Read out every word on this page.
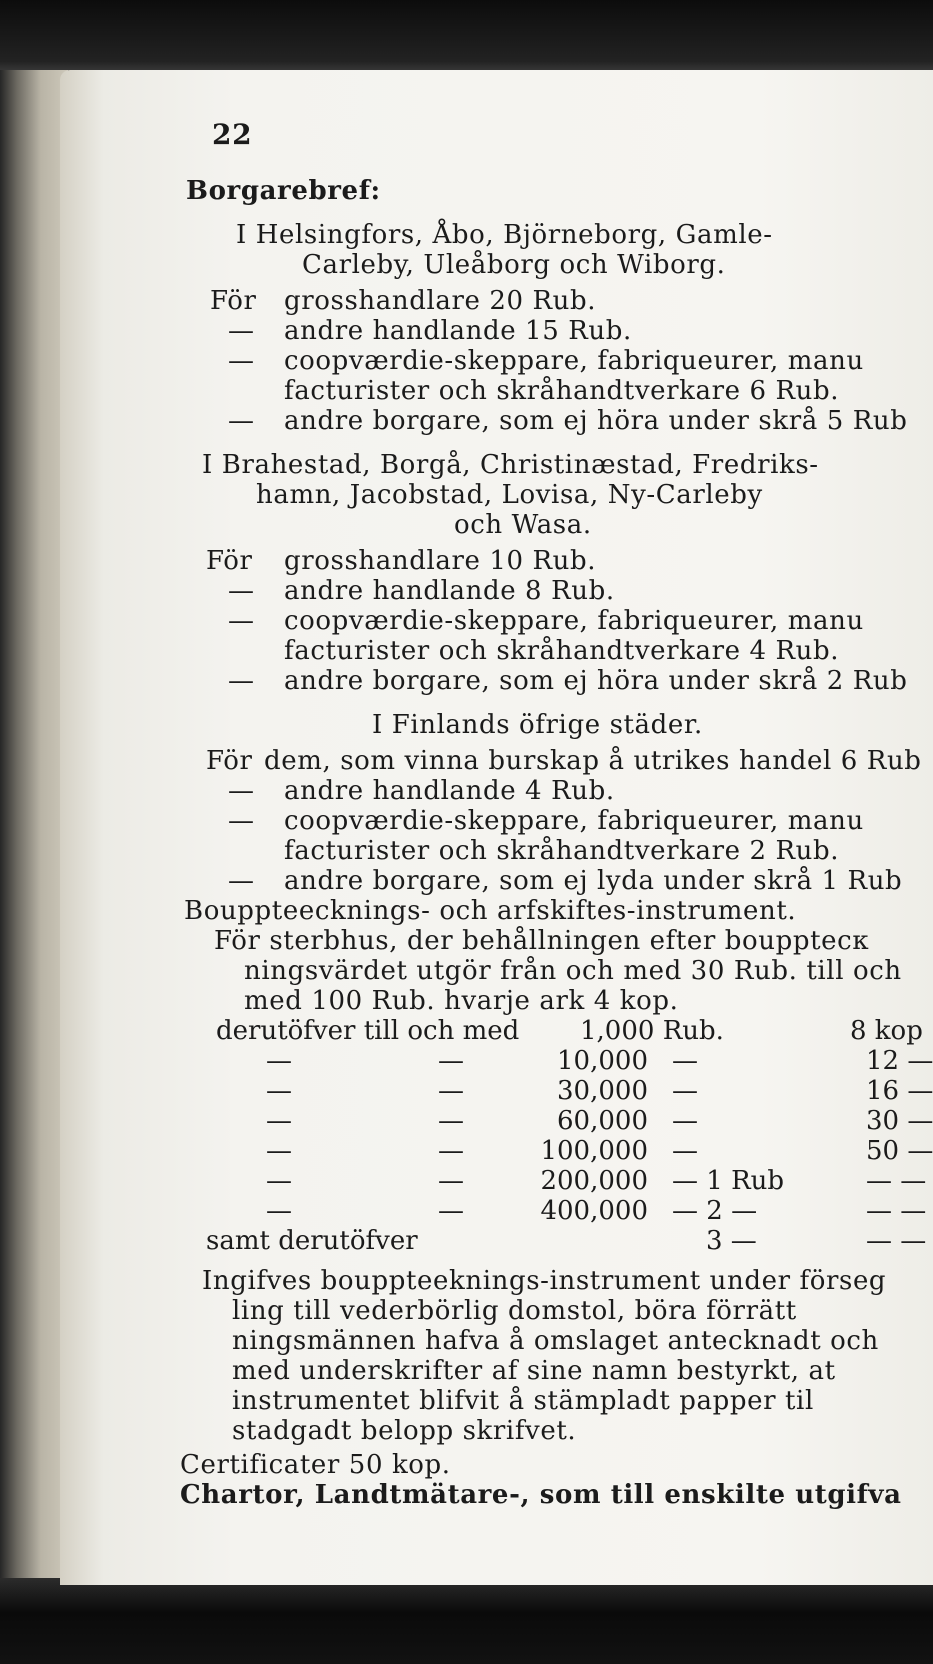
22
Borgarebref:
I Helsingfors, Åbo, Björneborg, Gamle-
Carleby, Uleåborg och Wiborg.
För grosshandlare 20 Rub.
— andre handlande 15 Rub.
— coopværdie-skeppare, fabriqueurer, manu
facturister och skråhandtverkare 6 Rub.
— andre borgare, som ej höra under skrå 5 Rub
I Brahestad, Borgå, Christinæstad, Fredriks-
hamn, Jacobstad, Lovisa, Ny-Carleby
och Wasa.
För grosshandlare 10 Rub.
— andre handlande 8 Rub.
— coopværdie-skeppare, fabriqueurer, manu
facturister och skråhandtverkare 4 Rub.
— andre borgare, som ej höra under skrå 2 Rub
I Finlands öfrige städer.
För dem, som vinna burskap å utrikes handel 6 Rub
— andre handlande 4 Rub.
— coopværdie-skeppare, fabriqueurer, manu
facturister och skråhandtverkare 2 Rub.
— andre borgare, som ej lyda under skrå 1 Rub
Bouppteecknings- och arfskiftes-instrument.
För sterbhus, der behållningen efter boupptecк
ningsvärdet utgör från och med 30 Rub. till och
med 100 Rub. hvarje ark 4 kop.
derutöfver till och med 1,000 Rub.	8 kop
—	—	10,000 —	12 —
—	—	30,000 —	16 —
—	—	60,000 —	30 —
—	—	100,000 —	50 —
—	—	200,000 — 1 Rub	— —
—	—	400,000 — 2 —	— —
samt derutöfver	3 —	— —
Ingifves bouppteeknings-instrument under förseg
ling till vederbörlig domstol, böra förrätt
ningsmännen hafva å omslaget antecknadt och
med underskrifter af sine namn bestyrkt, at
instrumentet blifvit å stämpladt papper til
stadgadt belopp skrifvet.
Certificater 50 kop.
Chartor, Landtmätare-, som till enskilte utgifva
